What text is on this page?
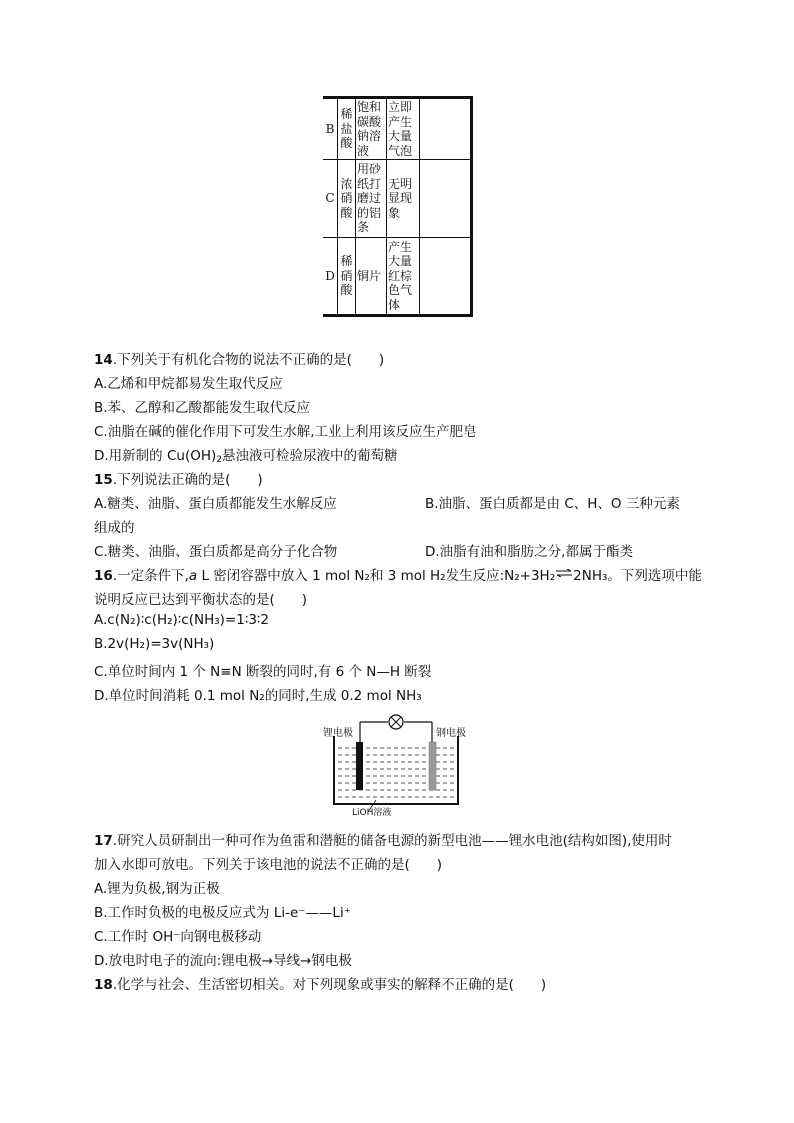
B	稀盐酸	饱和碳酸钠溶液	立即产生大量气泡	

C	浓硝酸	用砂纸打磨过的铝条	无明显现象	

D	稀硝酸	铜片	产生大量红棕色气体	

14.下列关于有机化合物的说法不正确的是(　　)
A.乙烯和甲烷都易发生取代反应
B.苯、乙醇和乙酸都能发生取代反应
C.油脂在碱的催化作用下可发生水解,工业上利用该反应生产肥皂
D.用新制的 $Cu(OH)_2$悬浊液可检验尿液中的葡萄糖
15.下列说法正确的是(　　)
A.糖类、油脂、蛋白质都能发生水解反应	B.油脂、蛋白质都是由 C、H、O 三种元素
组成的
C.糖类、油脂、蛋白质都是高分子化合物	D.油脂有油和脂肪之分,都属于酯类
16.一定条件下,a L 密闭容器中放入 1 mol N₂和 3 mol H₂发生反应:N₂+3H₂⇌2NH₃。下列选项中能
说明反应已达到平衡状态的是(　　)
A.c(N₂)∶c(H₂)∶c(NH₃)=1∶3∶2
B.2v(H₂)=3v(NH₃)
C.单位时间内 1 个 N≡N 断裂的同时,有 6 个 N—H 断裂
D.单位时间消耗 0.1 mol N₂的同时,生成 0.2 mol NH₃
锂电极	钢电极
LiOH溶液
17.研究人员研制出一种可作为鱼雷和潜艇的储备电源的新型电池——锂水电池(结构如图),使用时
加入水即可放电。下列关于该电池的说法不正确的是(　　)
A.锂为负极,钢为正极
B.工作时负极的电极反应式为 Li-e⁻——Li⁺
C.工作时 OH⁻向钢电极移动
D.放电时电子的流向:锂电极→导线→钢电极
18.化学与社会、生活密切相关。对下列现象或事实的解释不正确的是(　　)
